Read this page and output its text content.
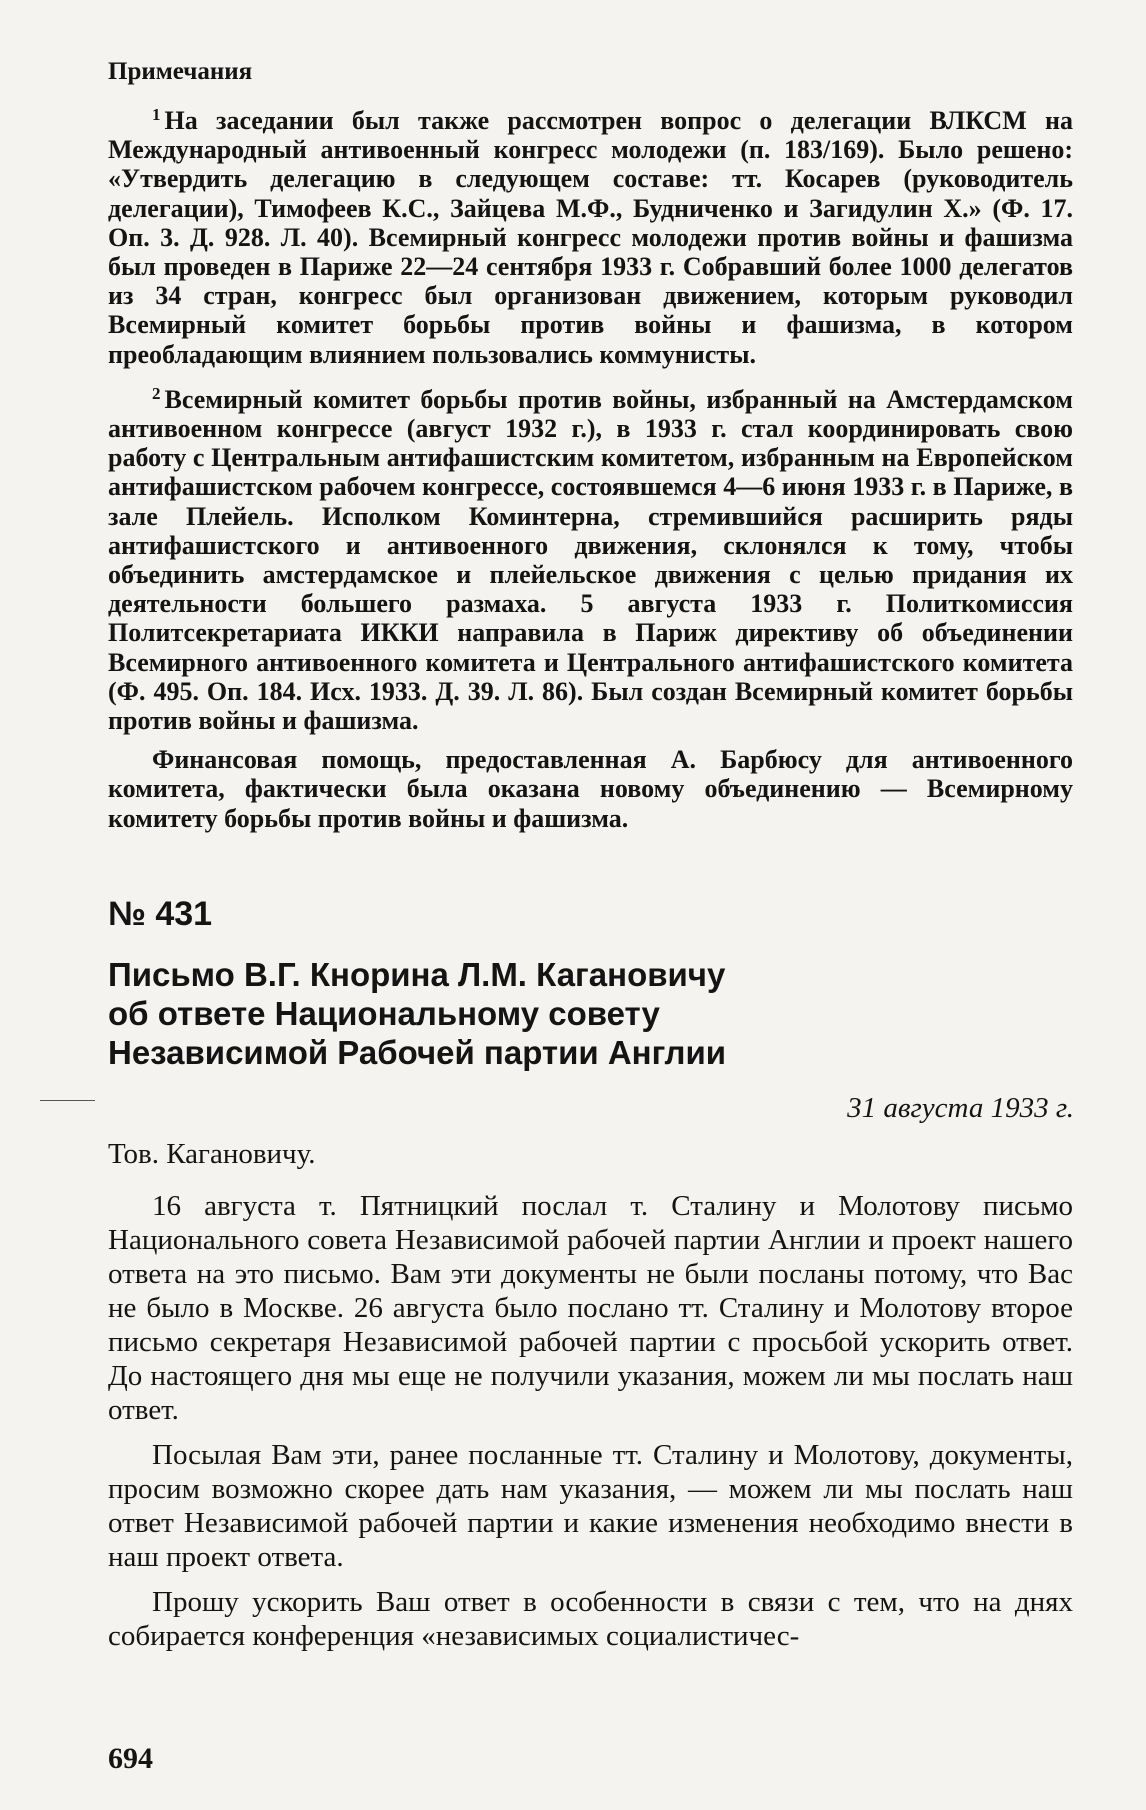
Примечания

$^1$ На заседании был также рассмотрен вопрос о делегации ВЛКСМ на Международный антивоенный конгресс молодежи (п. 183/169). Было решено: «Утвердить делегацию в следующем составе: тт. Косарев (руководитель делегации), Тимофеев К.С., Зайцева М.Ф., Будниченко и Загидулин Х.» (Ф. 17. Оп. 3. Д. 928. Л. 40). Всемирный конгресс молодежи против войны и фашизма был проведен в Париже 22—24 сентября 1933 г. Собравший более 1000 делегатов из 34 стран, конгресс был организован движением, которым руководил Всемирный комитет борьбы против войны и фашизма, в котором преобладающим влиянием пользовались коммунисты.

$^2$ Всемирный комитет борьбы против войны, избранный на Амстердамском антивоенном конгрессе (август 1932 г.), в 1933 г. стал координировать свою работу с Центральным антифашистским комитетом, избранным на Европейском антифашистском рабочем конгрессе, состоявшемся 4—6 июня 1933 г. в Париже, в зале Плейель. Исполком Коминтерна, стремившийся расширить ряды антифашистского и антивоенного движения, склонялся к тому, чтобы объединить амстердамское и плейельское движения с целью придания их деятельности большего размаха. 5 августа 1933 г. Политкомиссия Политсекретариата ИККИ направила в Париж директиву об объединении Всемирного антивоенного комитета и Центрального антифашистского комитета (Ф. 495. Оп. 184. Исх. 1933. Д. 39. Л. 86). Был создан Всемирный комитет борьбы против войны и фашизма.

Финансовая помощь, предоставленная А. Барбюсу для антивоенного комитета, фактически была оказана новому объединению — Всемирному комитету борьбы против войны и фашизма.

№ 431
Письмо В.Г. Кнорина Л.М. Кагановичу
об ответе Национальному совету
Независимой Рабочей партии Англии
31 августа 1933 г.
Тов. Кагановичу.

16 августа т. Пятницкий послал т. Сталину и Молотову письмо Национального совета Независимой рабочей партии Англии и проект нашего ответа на это письмо. Вам эти документы не были посланы потому, что Вас не было в Москве. 26 августа было послано тт. Сталину и Молотову второе письмо секретаря Независимой рабочей партии с просьбой ускорить ответ. До настоящего дня мы еще не получили указания, можем ли мы послать наш ответ.

Посылая Вам эти, ранее посланные тт. Сталину и Молотову, документы, просим возможно скорее дать нам указания, — можем ли мы послать наш ответ Независимой рабочей партии и какие изменения необходимо внести в наш проект ответа.

Прошу ускорить Ваш ответ в особенности в связи с тем, что на днях собирается конференция «независимых социалистичес-

694
